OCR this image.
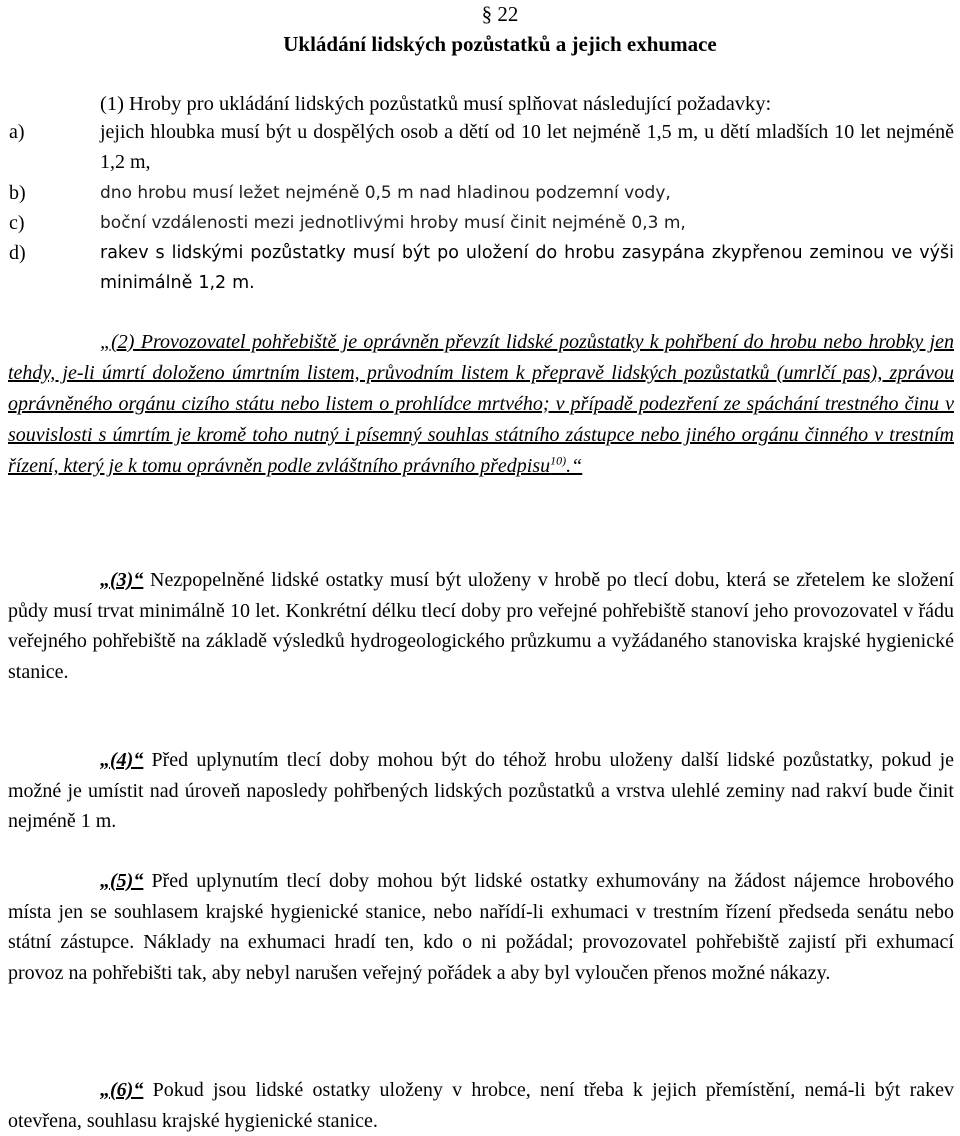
§ 22
Ukládání lidských pozůstatků a jejich exhumace
(1) Hroby pro ukládání lidských pozůstatků musí splňovat následující požadavky:
a)	jejich hloubka musí být u dospělých osob a dětí od 10 let nejméně 1,5 m, u dětí mladších 10 let nejméně 1,2 m,
b)	dno hrobu musí ležet nejméně 0,5 m nad hladinou podzemní vody,
c)	boční vzdálenosti mezi jednotlivými hroby musí činit nejméně 0,3 m,
d)	rakev s lidskými pozůstatky musí být po uložení do hrobu zasypána zkypřenou zeminou ve výši minimálně 1,2 m.
„(2) Provozovatel pohřebiště je oprávněn převzít lidské pozůstatky k pohřbení do hrobu nebo hrobky jen tehdy, je-li úmrtí doloženo úmrtním listem, průvodním listem k přepravě lidských pozůstatků (umrlčí pas), zprávou oprávněného orgánu cizího státu nebo listem o prohlídce mrtvého; v případě podezření ze spáchání trestného činu v souvislosti s úmrtím je kromě toho nutný i písemný souhlas státního zástupce nebo jiného orgánu činného v trestním řízení, který je k tomu oprávněn podle zvláštního právního předpisu$^{10)}$.“
„(3)“ Nezpopelněné lidské ostatky musí být uloženy v hrobě po tlecí dobu, která se zřetelem ke složení půdy musí trvat minimálně 10 let. Konkrétní délku tlecí doby pro veřejné pohřebiště stanoví jeho provozovatel v řádu veřejného pohřebiště na základě výsledků hydrogeologického průzkumu a vyžádaného stanoviska krajské hygienické stanice.
„(4)“ Před uplynutím tlecí doby mohou být do téhož hrobu uloženy další lidské pozůstatky, pokud je možné je umístit nad úroveň naposledy pohřbených lidských pozůstatků a vrstva ulehlé zeminy nad rakví bude činit nejméně 1 m.
„(5)“ Před uplynutím tlecí doby mohou být lidské ostatky exhumovány na žádost nájemce hrobového místa jen se souhlasem krajské hygienické stanice, nebo nařídí-li exhumaci v trestním řízení předseda senátu nebo státní zástupce. Náklady na exhumaci hradí ten, kdo o ni požádal; provozovatel pohřebiště zajistí při exhumací provoz na pohřebišti tak, aby nebyl narušen veřejný pořádek a aby byl vyloučen přenos možné nákazy.
„(6)“ Pokud jsou lidské ostatky uloženy v hrobce, není třeba k jejich přemístění, nemá-li být rakev otevřena, souhlasu krajské hygienické stanice.
